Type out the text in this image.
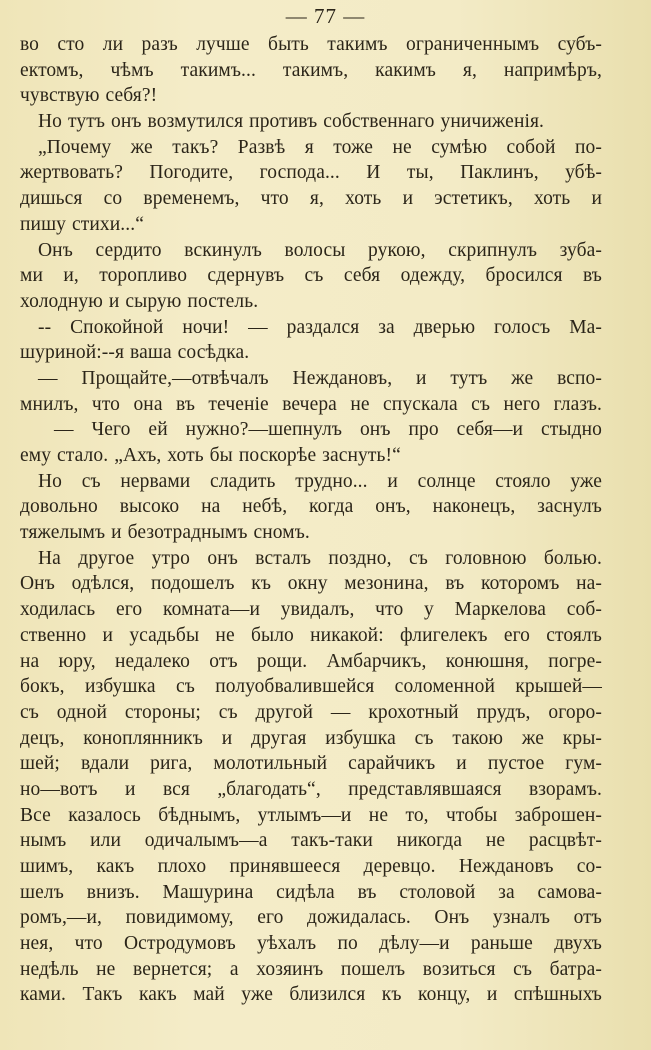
— 77 —
во сто ли разъ лучше быть такимъ ограниченнымъ субъ-
ектомъ, чѣмъ такимъ... такимъ, какимъ я, напримѣръ,
чувствую себя?!
Но тутъ онъ возмутился противъ собственнаго уничиженія.
„Почему же такъ? Развѣ я тоже не сумѣю собой по-
жертвовать? Погодите, господа... И ты, Паклинъ, убѣ-
дишься со временемъ, что я, хоть и эстетикъ, хоть и
пишу стихи...“
Онъ сердито вскинулъ волосы рукою, скрипнулъ зуба-
ми и, торопливо сдернувъ съ себя одежду, бросился въ
холодную и сырую постель.
-- Спокойной ночи! — раздался за дверью голосъ Ма-
шуриной:--я ваша сосѣдка.
— Прощайте,—отвѣчалъ Неждановъ, и тутъ же вспо-
мнилъ, что она въ теченіе вечера не спускала съ него глазъ.
— Чего ей нужно?—шепнулъ онъ про себя—и стыдно
ему стало. „Ахъ, хоть бы поскорѣе заснуть!“
Но съ нервами сладить трудно... и солнце стояло уже
довольно высоко на небѣ, когда онъ, наконецъ, заснулъ
тяжелымъ и безотраднымъ сномъ.
На другое утро онъ всталъ поздно, съ головною болью.
Онъ одѣлся, подошелъ къ окну мезонина, въ которомъ на-
ходилась его комната—и увидалъ, что у Маркелова соб-
ственно и усадьбы не было никакой: флигелекъ его стоялъ
на юру, недалеко отъ рощи. Амбарчикъ, конюшня, погре-
бокъ, избушка съ полуобвалившейся соломенной крышей—
съ одной стороны; съ другой — крохотный прудъ, огоро-
децъ, коноплянникъ и другая избушка съ такою же кры-
шей; вдали рига, молотильный сарайчикъ и пустое гум-
но—вотъ и вся „благодать“, представлявшаяся взорамъ.
Все казалось бѣднымъ, утлымъ—и не то, чтобы заброшен-
нымъ или одичалымъ—а такъ-таки никогда не расцвѣт-
шимъ, какъ плохо принявшееся деревцо. Неждановъ со-
шелъ внизъ. Машурина сидѣла въ столовой за самова-
ромъ,—и, повидимому, его дожидалась. Онъ узналъ отъ
нея, что Остродумовъ уѣхалъ по дѣлу—и раньше двухъ
недѣль не вернется; а хозяинъ пошелъ возиться съ батра-
ками. Такъ какъ май уже близился къ концу, и спѣшныхъ
